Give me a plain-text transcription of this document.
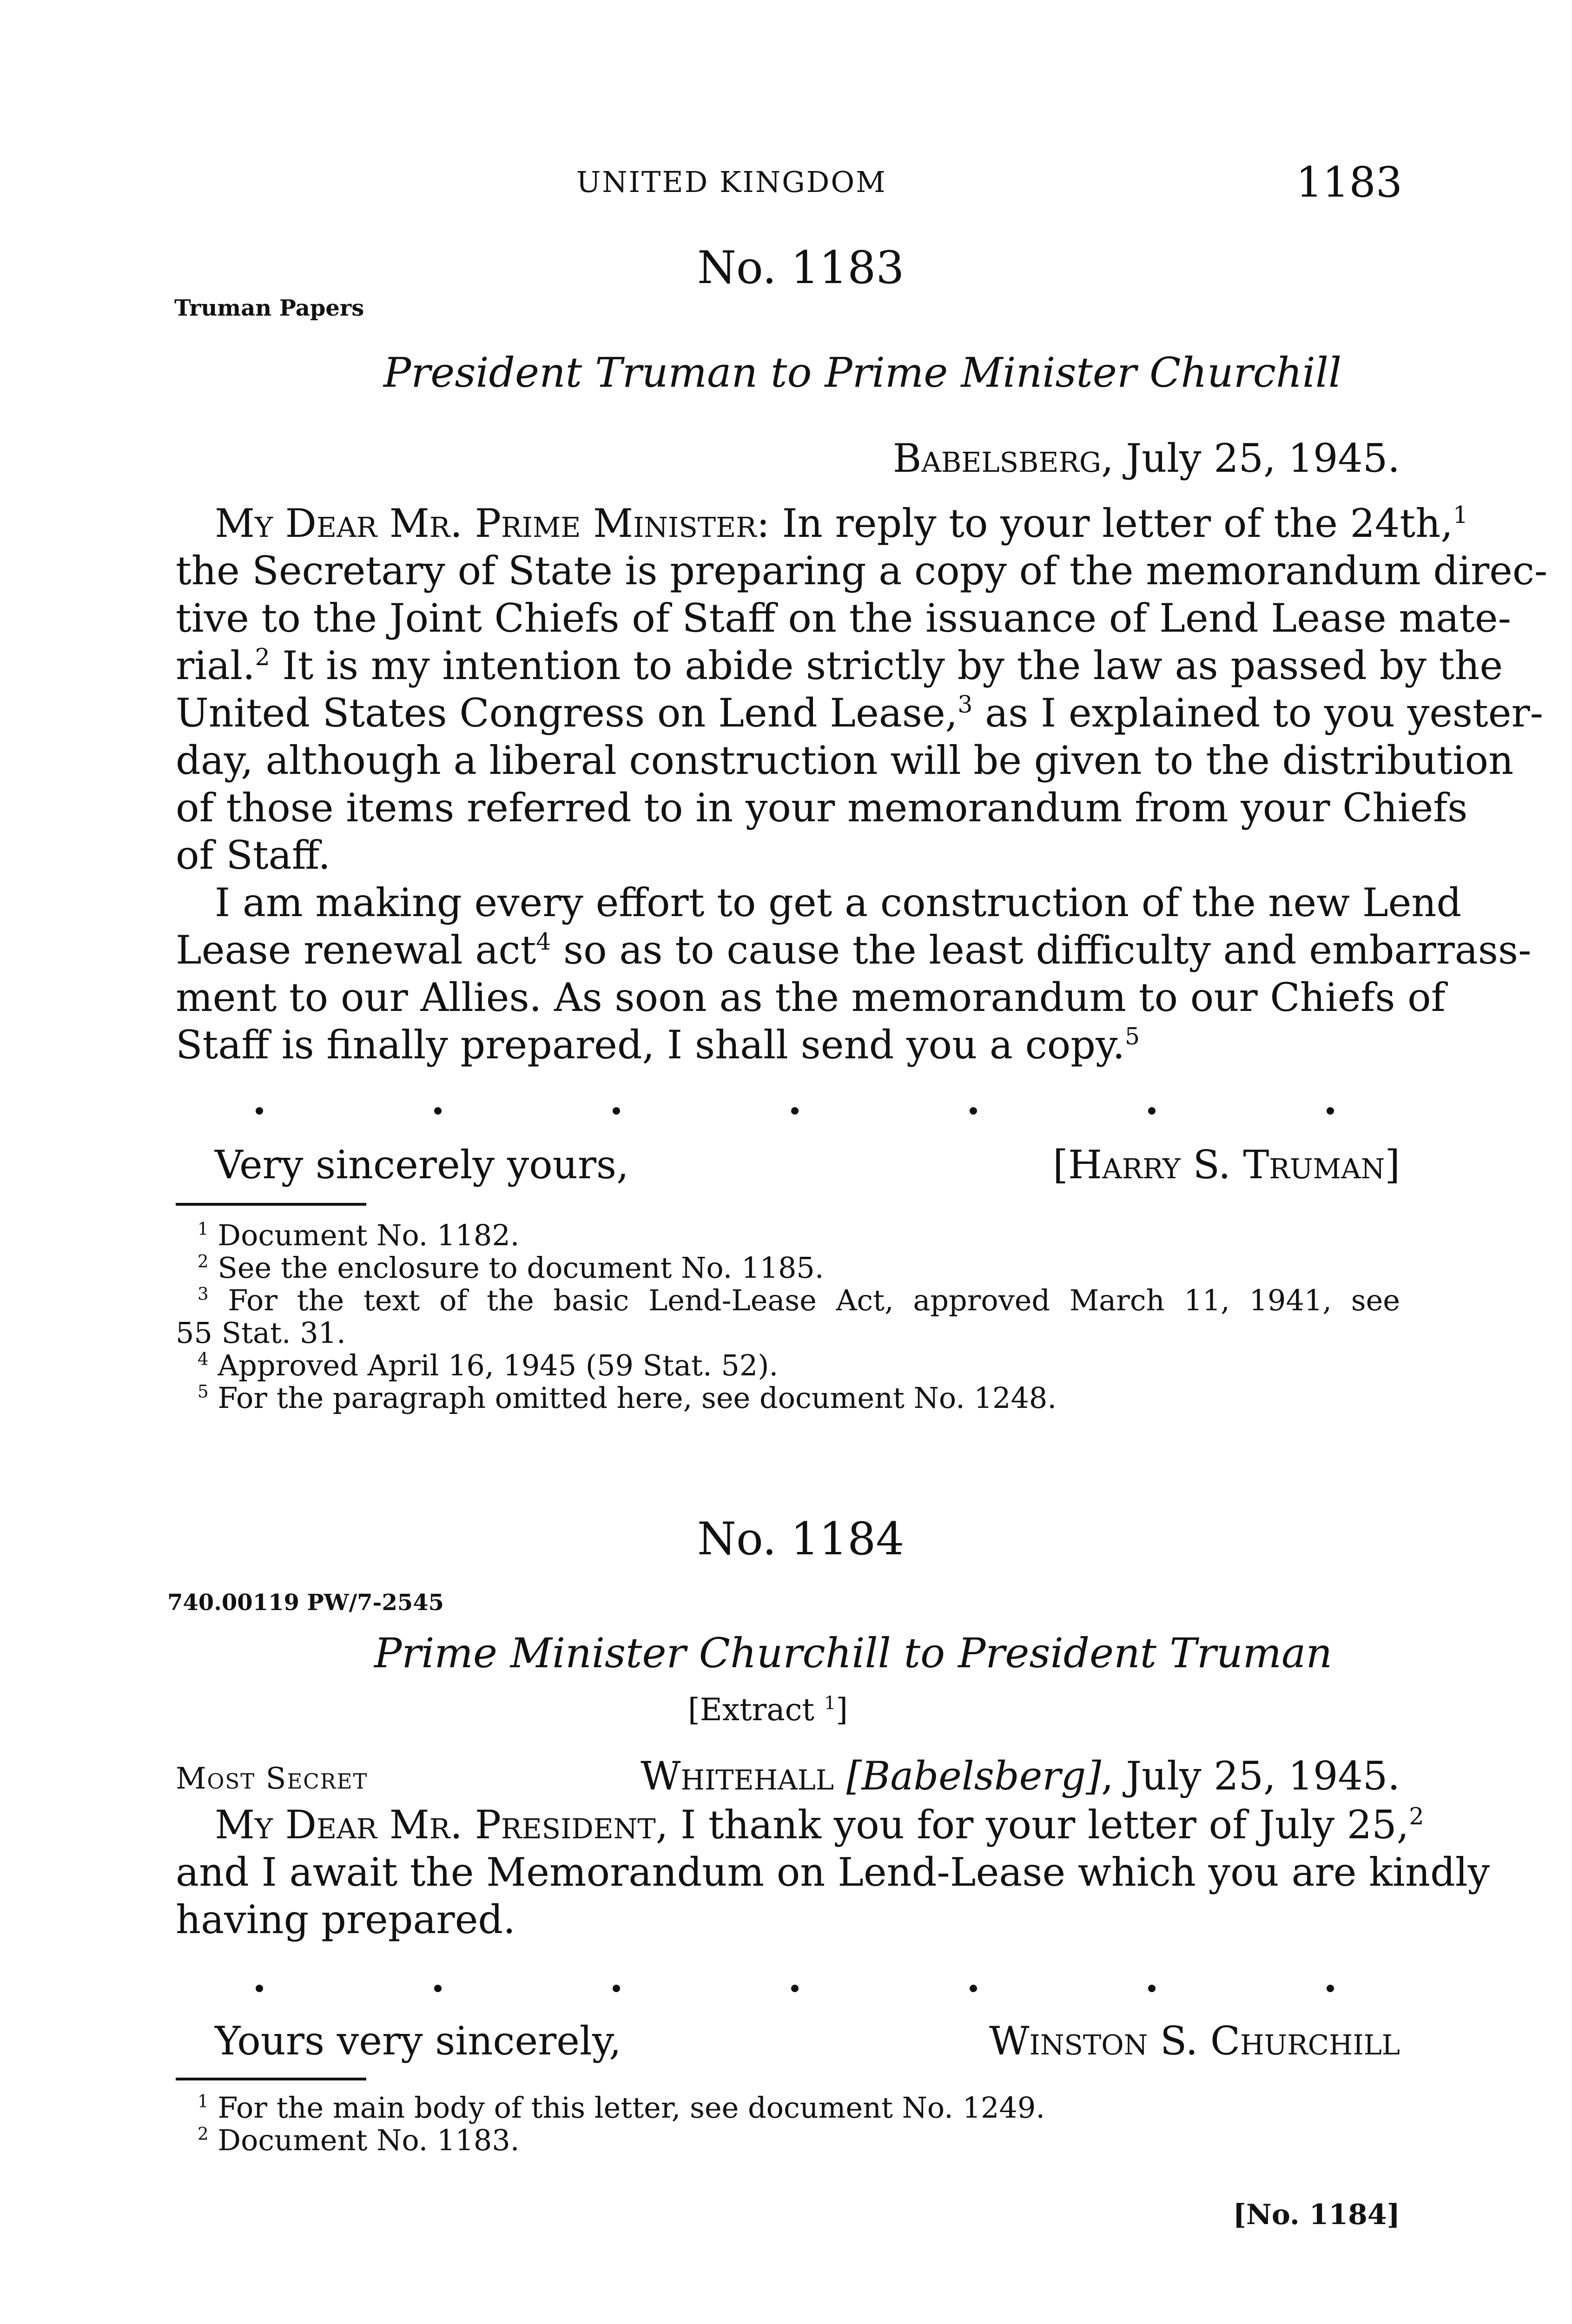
UNITED KINGDOM	1183
No. 1183
Truman Papers
President Truman to Prime Minister Churchill
Babelsberg, July 25, 1945.
My Dear Mr. Prime Minister: In reply to your letter of the 24th,$^1$
the Secretary of State is preparing a copy of the memorandum direc-
tive to the Joint Chiefs of Staff on the issuance of Lend Lease mate-
rial.$^2$ It is my intention to abide strictly by the law as passed by the
United States Congress on Lend Lease,$^3$ as I explained to you yester-
day, although a liberal construction will be given to the distribution
of those items referred to in your memorandum from your Chiefs
of Staff.
I am making every effort to get a construction of the new Lend
Lease renewal act$^4$ so as to cause the least difficulty and embarrass-
ment to our Allies. As soon as the memorandum to our Chiefs of
Staff is finally prepared, I shall send you a copy.$^5$
Very sincerely yours,	[Harry S. Truman]
$^1$ Document No. 1182.
$^2$ See the enclosure to document No. 1185.
$^3$ For the text of the basic Lend-Lease Act, approved March 11, 1941, see
55 Stat. 31.
$^4$ Approved April 16, 1945 (59 Stat. 52).
$^5$ For the paragraph omitted here, see document No. 1248.
No. 1184
740.00119 PW/7-2545
Prime Minister Churchill to President Truman
[Extract $^1$]
Most Secret	Whitehall [Babelsberg], July 25, 1945.
My Dear Mr. President, I thank you for your letter of July 25,$^2$
and I await the Memorandum on Lend-Lease which you are kindly
having prepared.
Yours very sincerely,	Winston S. Churchill
$^1$ For the main body of this letter, see document No. 1249.
$^2$ Document No. 1183.
[No. 1184]
